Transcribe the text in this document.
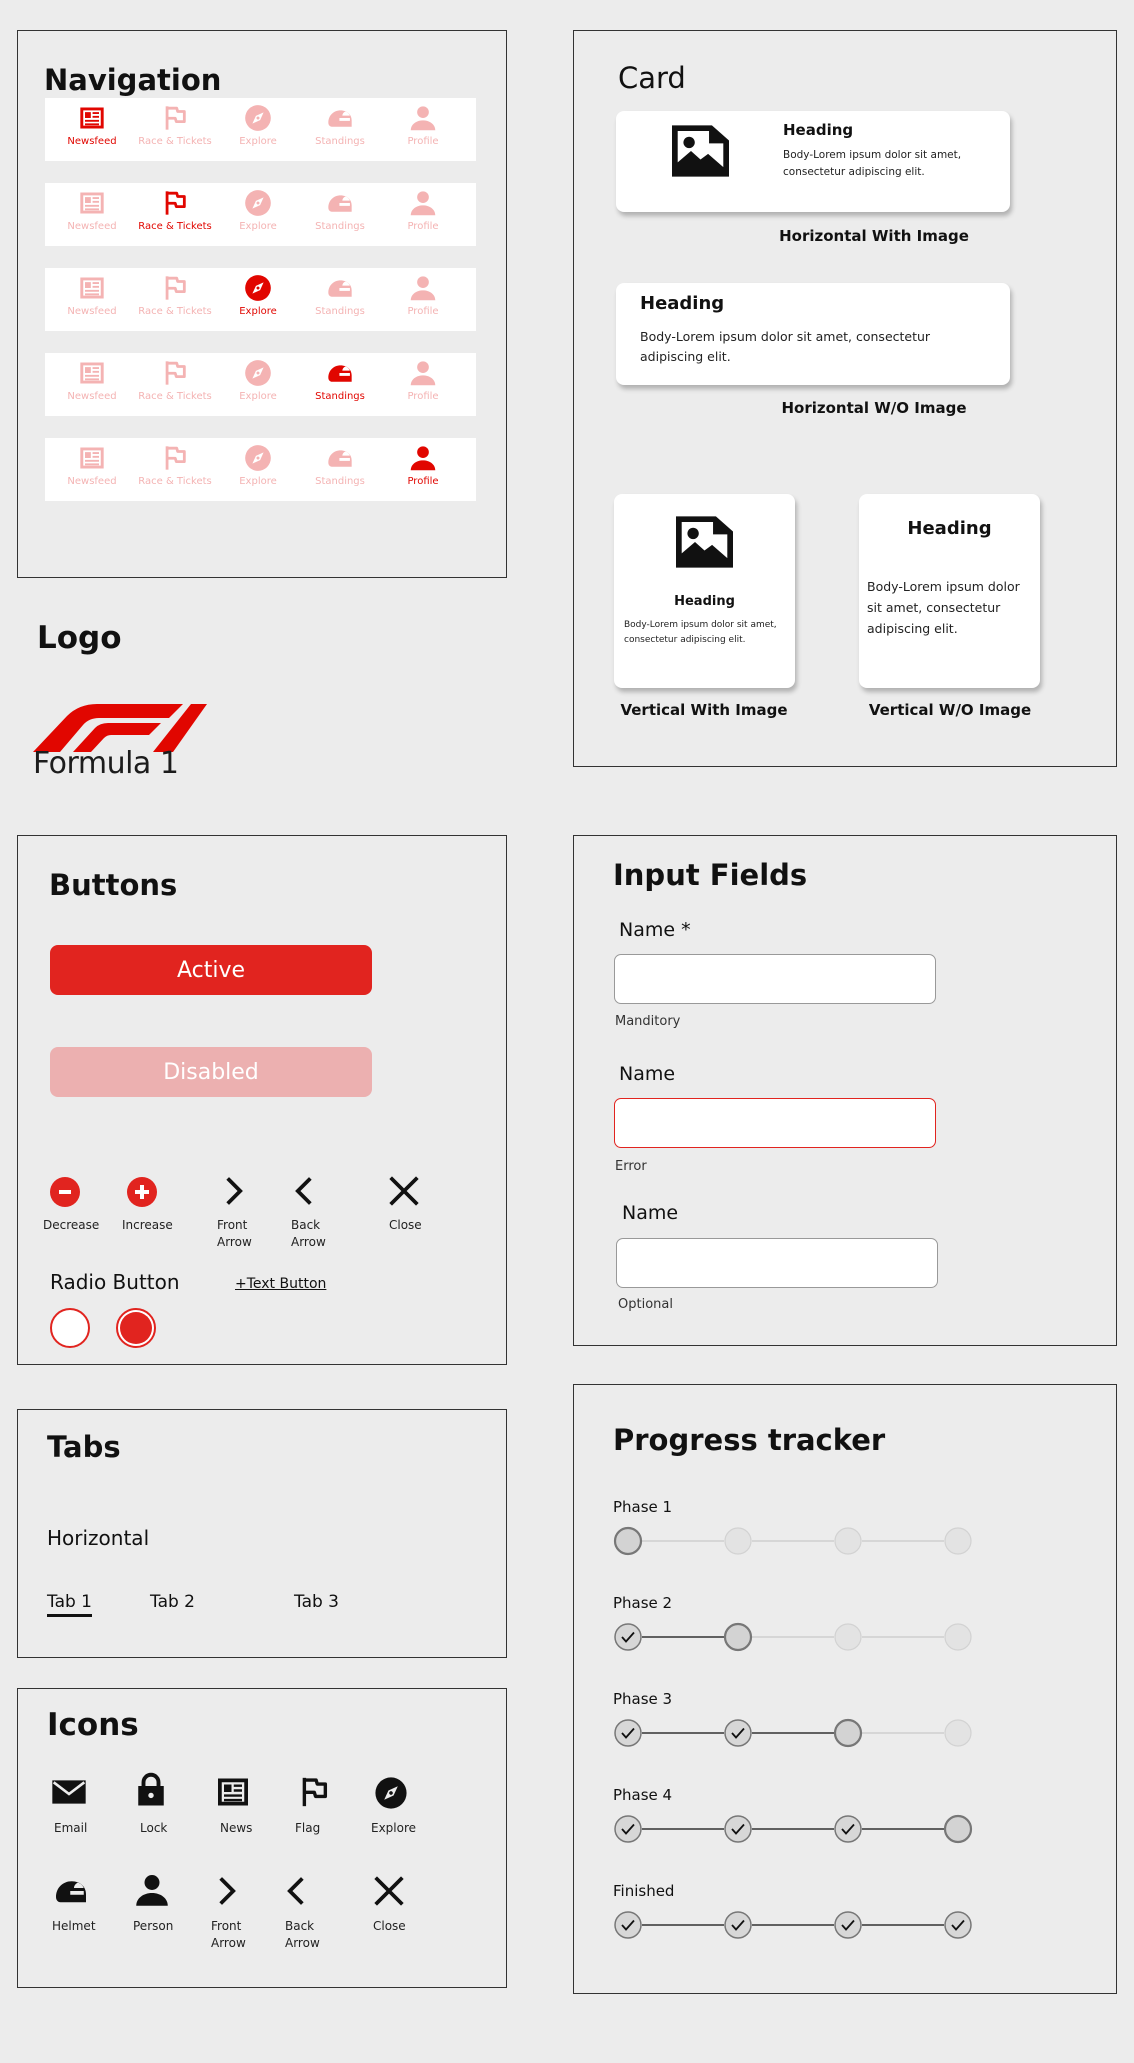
Navigation
Newsfeed Race & Tickets	Explore	Standings	Profile
Newsfeed Race & Tickets	Explore	Standings	Profile
Newsfeed Race & Tickets	Explore	Standings	Profile
Newsfeed Race & Tickets	Explore	Standings	Profile
Newsfeed Race & Tickets	Explore	Standings	Profile
Logo
Formula 1
Card
Heading
Body-Lorem ipsum dolor sit amet, consectetur adipiscing elit.
Horizontal With Image
Heading
Body-Lorem ipsum dolor sit amet, consectetur adipiscing elit.
Horizontal W/O Image
Heading
Body-Lorem ipsum dolor sit amet, consectetur adipiscing elit.
Vertical With Image
Heading
Body-Lorem ipsum dolor sit amet, consectetur adipiscing elit.
Vertical W/O Image
Buttons
Active
Disabled
Decrease Increase	Front
Arrow
Back
Arrow
Close
Radio Button	+Text Button
Input Fields
Name *
Manditory
Name
Error
Name
Optional
Tabs
Horizontal
Tab 1	Tab 2	Tab 3
Icons
Email	Lock	News	Flag	Explore
Helmet	Person	Front
Arrow
Back
Arrow
Close
Progress tracker
Phase 1
Phase 2
Phase 3
Phase 4
Finished
